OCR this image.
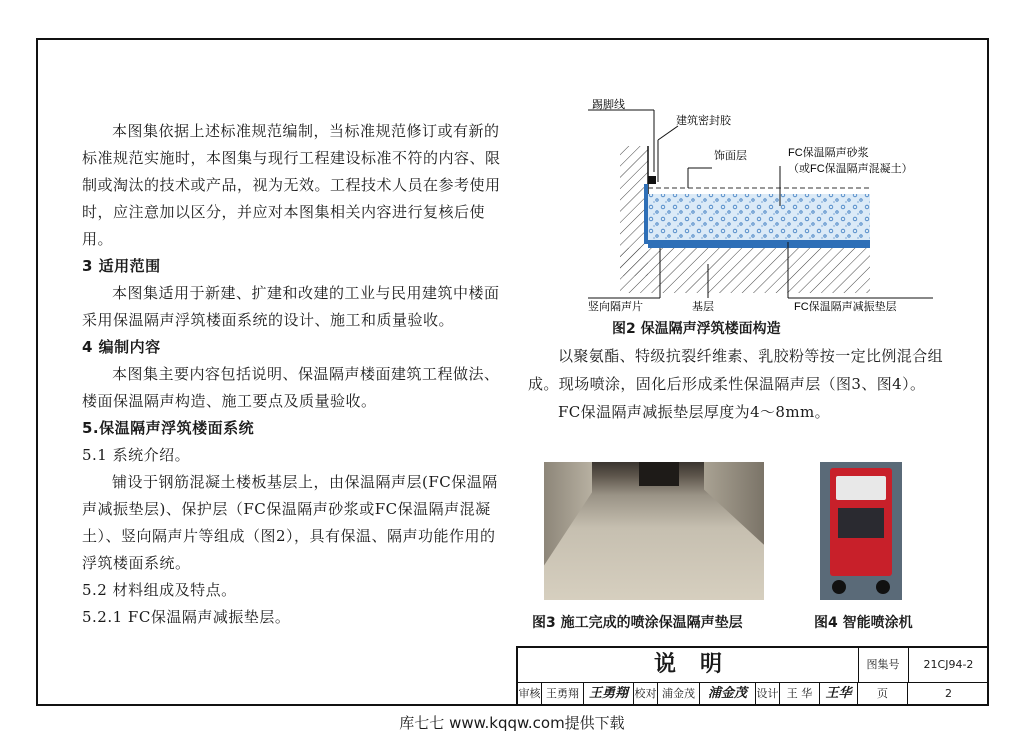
本图集依据上述标准规范编制，当标准规范修订或有新的标准规范实施时，本图集与现行工程建设标准不符的内容、限制或淘汰的技术或产品，视为无效。工程技术人员在参考使用时，应注意加以区分，并应对本图集相关内容进行复核后使用。

3 适用范围

本图集适用于新建、扩建和改建的工业与民用建筑中楼面采用保温隔声浮筑楼面系统的设计、施工和质量验收。

4 编制内容

本图集主要内容包括说明、保温隔声楼面建筑工程做法、楼面保温隔声构造、施工要点及质量验收。

5.保温隔声浮筑楼面系统

5.1 系统介绍。

铺设于钢筋混凝土楼板基层上，由保温隔声层(FC保温隔声减振垫层)、保护层（FC保温隔声砂浆或FC保温隔声混凝土）、竖向隔声片等组成（图2），具有保温、隔声功能作用的浮筑楼面系统。

5.2 材料组成及特点。

5.2.1 FC保温隔声减振垫层。

踢脚线
建筑密封胶
饰面层	FC保温隔声砂浆
（或FC保温隔声混凝土）
竖向隔声片	基层	FC保温隔声减振垫层
图2 保温隔声浮筑楼面构造

以聚氨酯、特级抗裂纤维素、乳胶粉等按一定比例混合组成。现场喷涂，固化后形成柔性保温隔声层（图3、图4）。

FC保温隔声减振垫层厚度为4～8mm。

图3 施工完成的喷涂保温隔声垫层	图4 智能喷涂机
说明	图集号	21CJ94-2
审核 王勇翔 王勇翔 校对 浦金茂 浦金茂 设计 王 华	王华	页	2
库七七 www.kqqw.com提供下载
